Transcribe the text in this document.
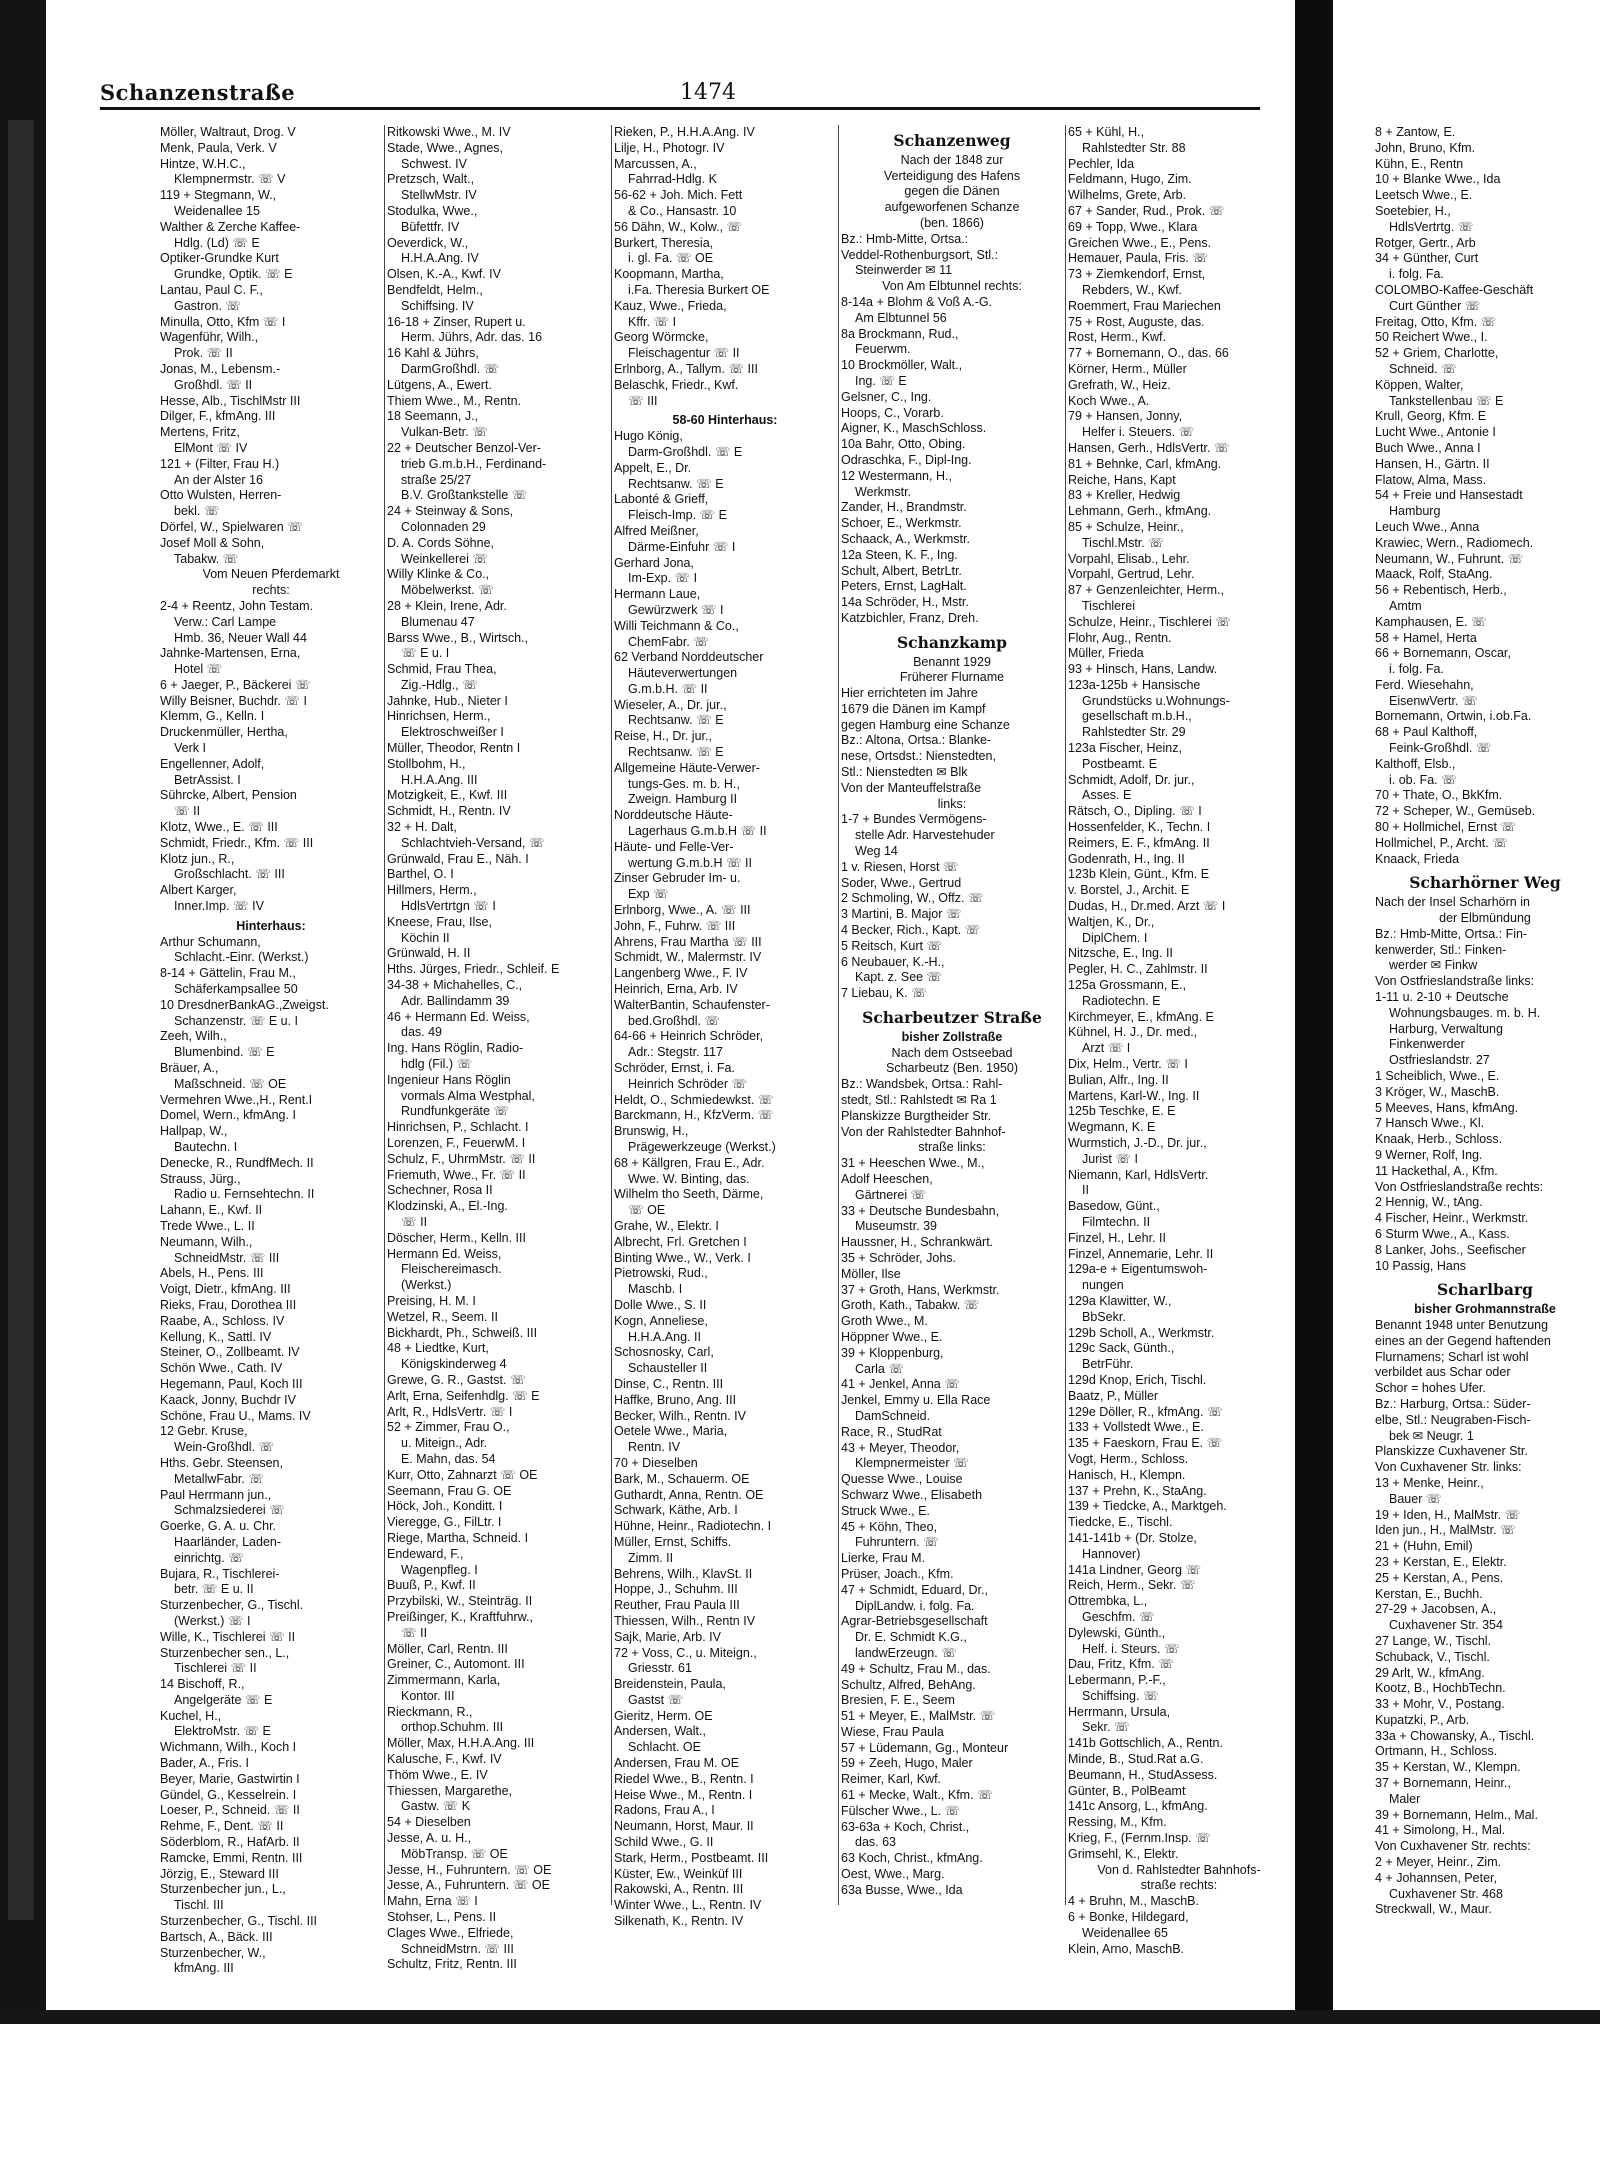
Schanzenstraße	1474
Möller, Waltraut, Drog. V
Menk, Paula, Verk. V
Hintze, W.H.C.,
Klempnermstr. ☏ V
119 + Stegmann, W.,
Weidenallee 15
Walther & Zerche Kaffee-
Hdlg. (Ld) ☏ E
Optiker-Grundke Kurt
Grundke, Optik. ☏ E
Lantau, Paul C. F.,
Gastron. ☏
Minulla, Otto, Kfm ☏ I
Wagenführ, Wilh.,
Prok. ☏ II
Jonas, M., Lebensm.-
Großhdl. ☏ II
Hesse, Alb., TischlMstr III
Dilger, F., kfmAng. III
Mertens, Fritz,
ElMont ☏ IV
121 + (Filter, Frau H.)
An der Alster 16
Otto Wulsten, Herren-
bekl. ☏
Dörfel, W., Spielwaren ☏
Josef Moll & Sohn,
Tabakw. ☏
Vom Neuen Pferdemarkt
rechts:
2-4 + Reentz, John Testam.
Verw.: Carl Lampe
Hmb. 36, Neuer Wall 44
Jahnke-Martensen, Erna,
Hotel ☏
6 + Jaeger, P., Bäckerei ☏
Willy Beisner, Buchdr. ☏ I
Klemm, G., Kelln. I
Druckenmüller, Hertha,
Verk I
Engellenner, Adolf,
BetrAssist. I
Sührcke, Albert, Pension
☏ II
Klotz, Wwe., E. ☏ III
Schmidt, Friedr., Kfm. ☏ III
Klotz jun., R.,
Großschlacht. ☏ III
Albert Karger,
Inner.Imp. ☏ IV
Hinterhaus:
Arthur Schumann,
Schlacht.-Einr. (Werkst.)
8-14 + Gättelin, Frau M.,
Schäferkampsallee 50
10 DresdnerBankAG.,Zweigst.
Schanzenstr. ☏ E u. I
Zeeh, Wilh.,
Blumenbind. ☏ E
Bräuer, A.,
Maßschneid. ☏ OE
Vermehren Wwe.,H., Rent.I
Domel, Wern., kfmAng. I
Hallpap, W.,
Bautechn. I
Denecke, R., RundfMech. II
Strauss, Jürg.,
Radio u. Fernsehtechn. II
Lahann, E., Kwf. II
Trede Wwe., L. II
Neumann, Wilh.,
SchneidMstr. ☏ III
Abels, H., Pens. III
Voigt, Dietr., kfmAng. III
Rieks, Frau, Dorothea III
Raabe, A., Schloss. IV
Kellung, K., Sattl. IV
Steiner, O., Zollbeamt. IV
Schön Wwe., Cath. IV
Hegemann, Paul, Koch III
Kaack, Jonny, Buchdr IV
Schöne, Frau U., Mams. IV
12 Gebr. Kruse,
Wein-Großhdl. ☏
Hths. Gebr. Steensen,
MetallwFabr. ☏
Paul Herrmann jun.,
Schmalzsiederei ☏
Goerke, G. A. u. Chr.
Haarländer, Laden-
einrichtg. ☏
Bujara, R., Tischlerei-
betr. ☏ E u. II
Sturzenbecher, G., Tischl.
(Werkst.) ☏ I
Wille, K., Tischlerei ☏ II
Sturzenbecher sen., L.,
Tischlerei ☏ II
14 Bischoff, R.,
Angelgeräte ☏ E
Kuchel, H.,
ElektroMstr. ☏ E
Wichmann, Wilh., Koch I
Bader, A., Fris. I
Beyer, Marie, Gastwirtin I
Gündel, G., Kesselrein. I
Loeser, P., Schneid. ☏ II
Rehme, F., Dent. ☏ II
Söderblom, R., HafArb. II
Ramcke, Emmi, Rentn. III
Jörzig, E., Steward III
Sturzenbecher jun., L.,
Tischl. III
Sturzenbecher, G., Tischl. III
Bartsch, A., Bäck. III
Sturzenbecher, W.,
kfmAng. III
Ritkowski Wwe., M. IV
Stade, Wwe., Agnes,
Schwest. IV
Pretzsch, Walt.,
StellwMstr. IV
Stodulka, Wwe.,
Büfettfr. IV
Oeverdick, W.,
H.H.A.Ang. IV
Olsen, K.-A., Kwf. IV
Bendfeldt, Helm.,
Schiffsing. IV
16-18 + Zinser, Rupert u.
Herm. Jührs, Adr. das. 16
16 Kahl & Jührs,
DarmGroßhdl. ☏
Lütgens, A., Ewert.
Thiem Wwe., M., Rentn.
18 Seemann, J.,
Vulkan-Betr. ☏
22 + Deutscher Benzol-Ver-
trieb G.m.b.H., Ferdinand-
straße 25/27
B.V. Großtankstelle ☏
24 + Steinway & Sons,
Colonnaden 29
D. A. Cords Söhne,
Weinkellerei ☏
Willy Klinke & Co.,
Möbelwerkst. ☏
28 + Klein, Irene, Adr.
Blumenau 47
Barss Wwe., B., Wirtsch.,
☏ E u. I
Schmid, Frau Thea,
Zig.-Hdlg., ☏
Jahnke, Hub., Nieter I
Hinrichsen, Herm.,
Elektroschweißer I
Müller, Theodor, Rentn I
Stollbohm, H.,
H.H.A.Ang. III
Motzigkeit, E., Kwf. III
Schmidt, H., Rentn. IV
32 + H. Dalt,
Schlachtvieh-Versand, ☏
Grünwald, Frau E., Näh. I
Barthel, O. I
Hillmers, Herm.,
HdlsVertrtgn ☏ I
Kneese, Frau, Ilse,
Köchin II
Grünwald, H. II
Hths. Jürges, Friedr., Schleif. E
34-38 + Michahelles, C.,
Adr. Ballindamm 39
46 + Hermann Ed. Weiss,
das. 49
Ing. Hans Röglin, Radio-
hdlg (Fil.) ☏
Ingenieur Hans Röglin
vormals Alma Westphal,
Rundfunkgeräte ☏
Hinrichsen, P., Schlacht. I
Lorenzen, F., FeuerwM. I
Schulz, F., UhrmMstr. ☏ II
Friemuth, Wwe., Fr. ☏ II
Schechner, Rosa II
Klodzinski, A., El.-Ing.
☏ II
Döscher, Herm., Kelln. III
Hermann Ed. Weiss,
Fleischereimasch.
(Werkst.)
Preising, H. M. I
Wetzel, R., Seem. II
Bickhardt, Ph., Schweiß. III
48 + Liedtke, Kurt,
Königskinderweg 4
Grewe, G. R., Gastst. ☏
Arlt, Erna, Seifenhdlg. ☏ E
Arlt, R., HdlsVertr. ☏ I
52 + Zimmer, Frau O.,
u. Miteign., Adr.
E. Mahn, das. 54
Kurr, Otto, Zahnarzt ☏ OE
Seemann, Frau G. OE
Höck, Joh., Konditt. I
Vieregge, G., FilLtr. I
Riege, Martha, Schneid. I
Endeward, F.,
Wagenpfleg. I
Buuß, P., Kwf. II
Przybilski, W., Steinträg. II
Preißinger, K., Kraftfuhrw.,
☏ II
Möller, Carl, Rentn. III
Greiner, C., Automont. III
Zimmermann, Karla,
Kontor. III
Rieckmann, R.,
orthop.Schuhm. III
Möller, Max, H.H.A.Ang. III
Kalusche, F., Kwf. IV
Thöm Wwe., E. IV
Thiessen, Margarethe,
Gastw. ☏ K
54 + Dieselben
Jesse, A. u. H.,
MöbTransp. ☏ OE
Jesse, H., Fuhruntern. ☏ OE
Jesse, A., Fuhruntern. ☏ OE
Mahn, Erna ☏ I
Stohser, L., Pens. II
Clages Wwe., Elfriede,
SchneidMstrn. ☏ III
Schultz, Fritz, Rentn. III
Rieken, P., H.H.A.Ang. IV
Lilje, H., Photogr. IV
Marcussen, A.,
Fahrrad-Hdlg. K
56-62 + Joh. Mich. Fett
& Co., Hansastr. 10
56 Dähn, W., Kolw., ☏
Burkert, Theresia,
i. gl. Fa. ☏ OE
Koopmann, Martha,
i.Fa. Theresia Burkert OE
Kauz, Wwe., Frieda,
Kffr. ☏ I
Georg Wörmcke,
Fleischagentur ☏ II
Erlnborg, A., Tallym. ☏ III
Belaschk, Friedr., Kwf.
☏ III
58-60 Hinterhaus:
Hugo König,
Darm-Großhdl. ☏ E
Appelt, E., Dr.
Rechtsanw. ☏ E
Labonté & Grieff,
Fleisch-Imp. ☏ E
Alfred Meißner,
Därme-Einfuhr ☏ I
Gerhard Jona,
Im-Exp. ☏ I
Hermann Laue,
Gewürzwerk ☏ I
Willi Teichmann & Co.,
ChemFabr. ☏
62 Verband Norddeutscher
Häuteverwertungen
G.m.b.H. ☏ II
Wieseler, A., Dr. jur.,
Rechtsanw. ☏ E
Reise, H., Dr. jur.,
Rechtsanw. ☏ E
Allgemeine Häute-Verwer-
tungs-Ges. m. b. H.,
Zweign. Hamburg II
Norddeutsche Häute-
Lagerhaus G.m.b.H ☏ II
Häute- und Felle-Ver-
wertung G.m.b.H ☏ II
Zinser Gebruder Im- u.
Exp ☏
Erlnborg, Wwe., A. ☏ III
John, F., Fuhrw. ☏ III
Ahrens, Frau Martha ☏ III
Schmidt, W., Malermstr. IV
Langenberg Wwe., F. IV
Heinrich, Erna, Arb. IV
WalterBantin, Schaufenster-
bed.Großhdl. ☏
64-66 + Heinrich Schröder,
Adr.: Stegstr. 117
Schröder, Ernst, i. Fa.
Heinrich Schröder ☏
Heldt, O., Schmiedewkst. ☏
Barckmann, H., KfzVerm. ☏
Brunswig, H.,
Prägewerkzeuge (Werkst.)
68 + Källgren, Frau E., Adr.
Wwe. W. Binting, das.
Wilhelm tho Seeth, Därme,
☏ OE
Grahe, W., Elektr. I
Albrecht, Frl. Gretchen I
Binting Wwe., W., Verk. I
Pietrowski, Rud.,
Maschb. I
Dolle Wwe., S. II
Kogn, Anneliese,
H.H.A.Ang. II
Schosnosky, Carl,
Schausteller II
Dinse, C., Rentn. III
Haffke, Bruno, Ang. III
Becker, Wilh., Rentn. IV
Oetele Wwe., Maria,
Rentn. IV
70 + Dieselben
Bark, M., Schauerm. OE
Guthardt, Anna, Rentn. OE
Schwark, Käthe, Arb. I
Hühne, Heinr., Radiotechn. I
Müller, Ernst, Schiffs.
Zimm. II
Behrens, Wilh., KlavSt. II
Hoppe, J., Schuhm. III
Reuther, Frau Paula III
Thiessen, Wilh., Rentn IV
Sajk, Marie, Arb. IV
72 + Voss, C., u. Miteign.,
Griesstr. 61
Breidenstein, Paula,
Gastst ☏
Gieritz, Herm. OE
Andersen, Walt.,
Schlacht. OE
Andersen, Frau M. OE
Riedel Wwe., B., Rentn. I
Heise Wwe., M., Rentn. I
Radons, Frau A., I
Neumann, Horst, Maur. II
Schild Wwe., G. II
Stark, Herm., Postbeamt. III
Küster, Ew., Weinküf III
Rakowski, A., Rentn. III
Winter Wwe., L., Rentn. IV
Silkenath, K., Rentn. IV
Schanzenweg
Nach der 1848 zur
Verteidigung des Hafens
gegen die Dänen
aufgeworfenen Schanze
(ben. 1866)
Bz.: Hmb-Mitte, Ortsa.:
Veddel-Rothenburgsort, Stl.:
Steinwerder ✉ 11
Von Am Elbtunnel rechts:
8-14a + Blohm & Voß A.-G.
Am Elbtunnel 56
8a Brockmann, Rud.,
Feuerwm.
10 Brockmöller, Walt.,
Ing. ☏ E
Gelsner, C., Ing.
Hoops, C., Vorarb.
Aigner, K., MaschSchloss.
10a Bahr, Otto, Obing.
Odraschka, F., Dipl-Ing.
12 Westermann, H.,
Werkmstr.
Zander, H., Brandmstr.
Schoer, E., Werkmstr.
Schaack, A., Werkmstr.
12a Steen, K. F., Ing.
Schult, Albert, BetrLtr.
Peters, Ernst, LagHalt.
14a Schröder, H., Mstr.
Katzbichler, Franz, Dreh.
Schanzkamp
Benannt 1929
Früherer Flurname
Hier errichteten im Jahre
1679 die Dänen im Kampf
gegen Hamburg eine Schanze
Bz.: Altona, Ortsa.: Blanke-
nese, Ortsdst.: Nienstedten,
Stl.: Nienstedten ✉ Blk
Von der Manteuffelstraße
links:
1-7 + Bundes Vermögens-
stelle Adr. Harvestehuder
Weg 14
1 v. Riesen, Horst ☏
Soder, Wwe., Gertrud
2 Schmoling, W., Offz. ☏
3 Martini, B. Major ☏
4 Becker, Rich., Kapt. ☏
5 Reitsch, Kurt ☏
6 Neubauer, K.-H.,
Kapt. z. See ☏
7 Liebau, K. ☏
Scharbeutzer Straße
bisher Zollstraße
Nach dem Ostseebad
Scharbeutz (Ben. 1950)
Bz.: Wandsbek, Ortsa.: Rahl-
stedt, Stl.: Rahlstedt ✉ Ra 1
Planskizze Burgtheider Str.
Von der Rahlstedter Bahnhof-
straße links:
31 + Heeschen Wwe., M.,
Adolf Heeschen,
Gärtnerei ☏
33 + Deutsche Bundesbahn,
Museumstr. 39
Haussner, H., Schrankwärt.
35 + Schröder, Johs.
Möller, Ilse
37 + Groth, Hans, Werkmstr.
Groth, Kath., Tabakw. ☏
Groth Wwe., M.
Höppner Wwe., E.
39 + Kloppenburg,
Carla ☏
41 + Jenkel, Anna ☏
Jenkel, Emmy u. Ella Race
DamSchneid.
Race, R., StudRat
43 + Meyer, Theodor,
Klempnermeister ☏
Quesse Wwe., Louise
Schwarz Wwe., Elisabeth
Struck Wwe., E.
45 + Köhn, Theo,
Fuhruntern. ☏
Lierke, Frau M.
Prüser, Joach., Kfm.
47 + Schmidt, Eduard, Dr.,
DiplLandw. i. folg. Fa.
Agrar-Betriebsgesellschaft
Dr. E. Schmidt K.G.,
landwErzeugn. ☏
49 + Schultz, Frau M., das.
Schultz, Alfred, BehAng.
Bresien, F. E., Seem
51 + Meyer, E., MalMstr. ☏
Wiese, Frau Paula
57 + Lüdemann, Gg., Monteur
59 + Zeeh, Hugo, Maler
Reimer, Karl, Kwf.
61 + Mecke, Walt., Kfm. ☏
Fülscher Wwe., L. ☏
63-63a + Koch, Christ.,
das. 63
63 Koch, Christ., kfmAng.
Oest, Wwe., Marg.
63a Busse, Wwe., Ida
65 + Kühl, H.,
Rahlstedter Str. 88
Pechler, Ida
Feldmann, Hugo, Zim.
Wilhelms, Grete, Arb.
67 + Sander, Rud., Prok. ☏
69 + Topp, Wwe., Klara
Greichen Wwe., E., Pens.
Hemauer, Paula, Fris. ☏
73 + Ziemkendorf, Ernst,
Rebders, W., Kwf.
Roemmert, Frau Mariechen
75 + Rost, Auguste, das.
Rost, Herm., Kwf.
77 + Bornemann, O., das. 66
Körner, Herm., Müller
Grefrath, W., Heiz.
Koch Wwe., A.
79 + Hansen, Jonny,
Helfer i. Steuers. ☏
Hansen, Gerh., HdlsVertr. ☏
81 + Behnke, Carl, kfmAng.
Reiche, Hans, Kapt
83 + Kreller, Hedwig
Lehmann, Gerh., kfmAng.
85 + Schulze, Heinr.,
Tischl.Mstr. ☏
Vorpahl, Elisab., Lehr.
Vorpahl, Gertrud, Lehr.
87 + Genzenleichter, Herm.,
Tischlerei
Schulze, Heinr., Tischlerei ☏
Flohr, Aug., Rentn.
Müller, Frieda
93 + Hinsch, Hans, Landw.
123a-125b + Hansische
Grundstücks u.Wohnungs-
gesellschaft m.b.H.,
Rahlstedter Str. 29
123a Fischer, Heinz,
Postbeamt. E
Schmidt, Adolf, Dr. jur.,
Asses. E
Rätsch, O., Dipling. ☏ I
Hossenfelder, K., Techn. I
Reimers, E. F., kfmAng. II
Godenrath, H., Ing. II
123b Klein, Günt., Kfm. E
v. Borstel, J., Archit. E
Dudas, H., Dr.med. Arzt ☏ I
Waltjen, K., Dr.,
DiplChem. I
Nitzsche, E., Ing. II
Pegler, H. C., Zahlmstr. II
125a Grossmann, E.,
Radiotechn. E
Kirchmeyer, E., kfmAng. E
Kühnel, H. J., Dr. med.,
Arzt ☏ I
Dix, Helm., Vertr. ☏ I
Bulian, Alfr., Ing. II
Martens, Karl-W., Ing. II
125b Teschke, E. E
Wegmann, K. E
Wurmstich, J.-D., Dr. jur.,
Jurist ☏ I
Niemann, Karl, HdlsVertr.
II
Basedow, Günt.,
Filmtechn. II
Finzel, H., Lehr. II
Finzel, Annemarie, Lehr. II
129a-e + Eigentumswoh-
nungen
129a Klawitter, W.,
BbSekr.
129b Scholl, A., Werkmstr.
129c Sack, Günth.,
BetrFühr.
129d Knop, Erich, Tischl.
Baatz, P., Müller
129e Döller, R., kfmAng. ☏
133 + Vollstedt Wwe., E.
135 + Faeskorn, Frau E. ☏
Vogt, Herm., Schloss.
Hanisch, H., Klempn.
137 + Prehn, K., StaAng.
139 + Tiedcke, A., Marktgeh.
Tiedcke, E., Tischl.
141-141b + (Dr. Stolze,
Hannover)
141a Lindner, Georg ☏
Reich, Herm., Sekr. ☏
Ottrembka, L.,
Geschfm. ☏
Dylewski, Günth.,
Helf. i. Steurs. ☏
Dau, Fritz, Kfm. ☏
Lebermann, P.-F.,
Schiffsing. ☏
Herrmann, Ursula,
Sekr. ☏
141b Gottschlich, A., Rentn.
Minde, B., Stud.Rat a.G.
Beumann, H., StudAssess.
Günter, B., PolBeamt
141c Ansorg, L., kfmAng.
Ressing, M., Kfm.
Krieg, F., (Fernm.Insp. ☏
Grimsehl, K., Elektr.
Von d. Rahlstedter Bahnhofs-
straße rechts:
4 + Bruhn, M., MaschB.
6 + Bonke, Hildegard,
Weidenallee 65
Klein, Arno, MaschB.
8 + Zantow, E.
John, Bruno, Kfm.
Kühn, E., Rentn
10 + Blanke Wwe., Ida
Leetsch Wwe., E.
Soetebier, H.,
HdlsVertrtg. ☏
Rotger, Gertr., Arb
34 + Günther, Curt
i. folg. Fa.
COLOMBO-Kaffee-Geschäft
Curt Günther ☏
Freitag, Otto, Kfm. ☏
50 Reichert Wwe., I.
52 + Griem, Charlotte,
Schneid. ☏
Köppen, Walter,
Tankstellenbau ☏ E
Krull, Georg, Kfm. E
Lucht Wwe., Antonie I
Buch Wwe., Anna I
Hansen, H., Gärtn. II
Flatow, Alma, Mass.
54 + Freie und Hansestadt
Hamburg
Leuch Wwe., Anna
Krawiec, Wern., Radiomech.
Neumann, W., Fuhrunt. ☏
Maack, Rolf, StaAng.
56 + Rebentisch, Herb.,
Amtm
Kamphausen, E. ☏
58 + Hamel, Herta
66 + Bornemann, Oscar,
i. folg. Fa.
Ferd. Wiesehahn,
EisenwVertr. ☏
Bornemann, Ortwin, i.ob.Fa.
68 + Paul Kalthoff,
Feink-Großhdl. ☏
Kalthoff, Elsb.,
i. ob. Fa. ☏
70 + Thate, O., BkKfm.
72 + Scheper, W., Gemüseb.
80 + Hollmichel, Ernst ☏
Hollmichel, P., Archt. ☏
Knaack, Frieda
Scharhörner Weg
Nach der Insel Scharhörn in
der Elbmündung
Bz.: Hmb-Mitte, Ortsa.: Fin-
kenwerder, Stl.: Finken-
werder ✉ Finkw
Von Ostfrieslandstraße links:
1-11 u. 2-10 + Deutsche
Wohnungsbauges. m. b. H.
Harburg, Verwaltung
Finkenwerder
Ostfrieslandstr. 27
1 Scheiblich, Wwe., E.
3 Kröger, W., MaschB.
5 Meeves, Hans, kfmAng.
7 Hansch Wwe., Kl.
Knaak, Herb., Schloss.
9 Werner, Rolf, Ing.
11 Hackethal, A., Kfm.
Von Ostfrieslandstraße rechts:
2 Hennig, W., tAng.
4 Fischer, Heinr., Werkmstr.
6 Sturm Wwe., A., Kass.
8 Lanker, Johs., Seefischer
10 Passig, Hans
Scharlbarg
bisher Grohmannstraße
Benannt 1948 unter Benutzung
eines an der Gegend haftenden
Flurnamens; Scharl ist wohl
verbildet aus Schar oder
Schor = hohes Ufer.
Bz.: Harburg, Ortsa.: Süder-
elbe, Stl.: Neugraben-Fisch-
bek ✉ Neugr. 1
Planskizze Cuxhavener Str.
Von Cuxhavener Str. links:
13 + Menke, Heinr.,
Bauer ☏
19 + Iden, H., MalMstr. ☏
Iden jun., H., MalMstr. ☏
21 + (Huhn, Emil)
23 + Kerstan, E., Elektr.
25 + Kerstan, A., Pens.
Kerstan, E., Buchh.
27-29 + Jacobsen, A.,
Cuxhavener Str. 354
27 Lange, W., Tischl.
Schuback, V., Tischl.
29 Arlt, W., kfmAng.
Kootz, B., HochbTechn.
33 + Mohr, V., Postang.
Kupatzki, P., Arb.
33a + Chowansky, A., Tischl.
Ortmann, H., Schloss.
35 + Kerstan, W., Klempn.
37 + Bornemann, Heinr.,
Maler
39 + Bornemann, Helm., Mal.
41 + Simolong, H., Mal.
Von Cuxhavener Str. rechts:
2 + Meyer, Heinr., Zim.
4 + Johannsen, Peter,
Cuxhavener Str. 468
Streckwall, W., Maur.
